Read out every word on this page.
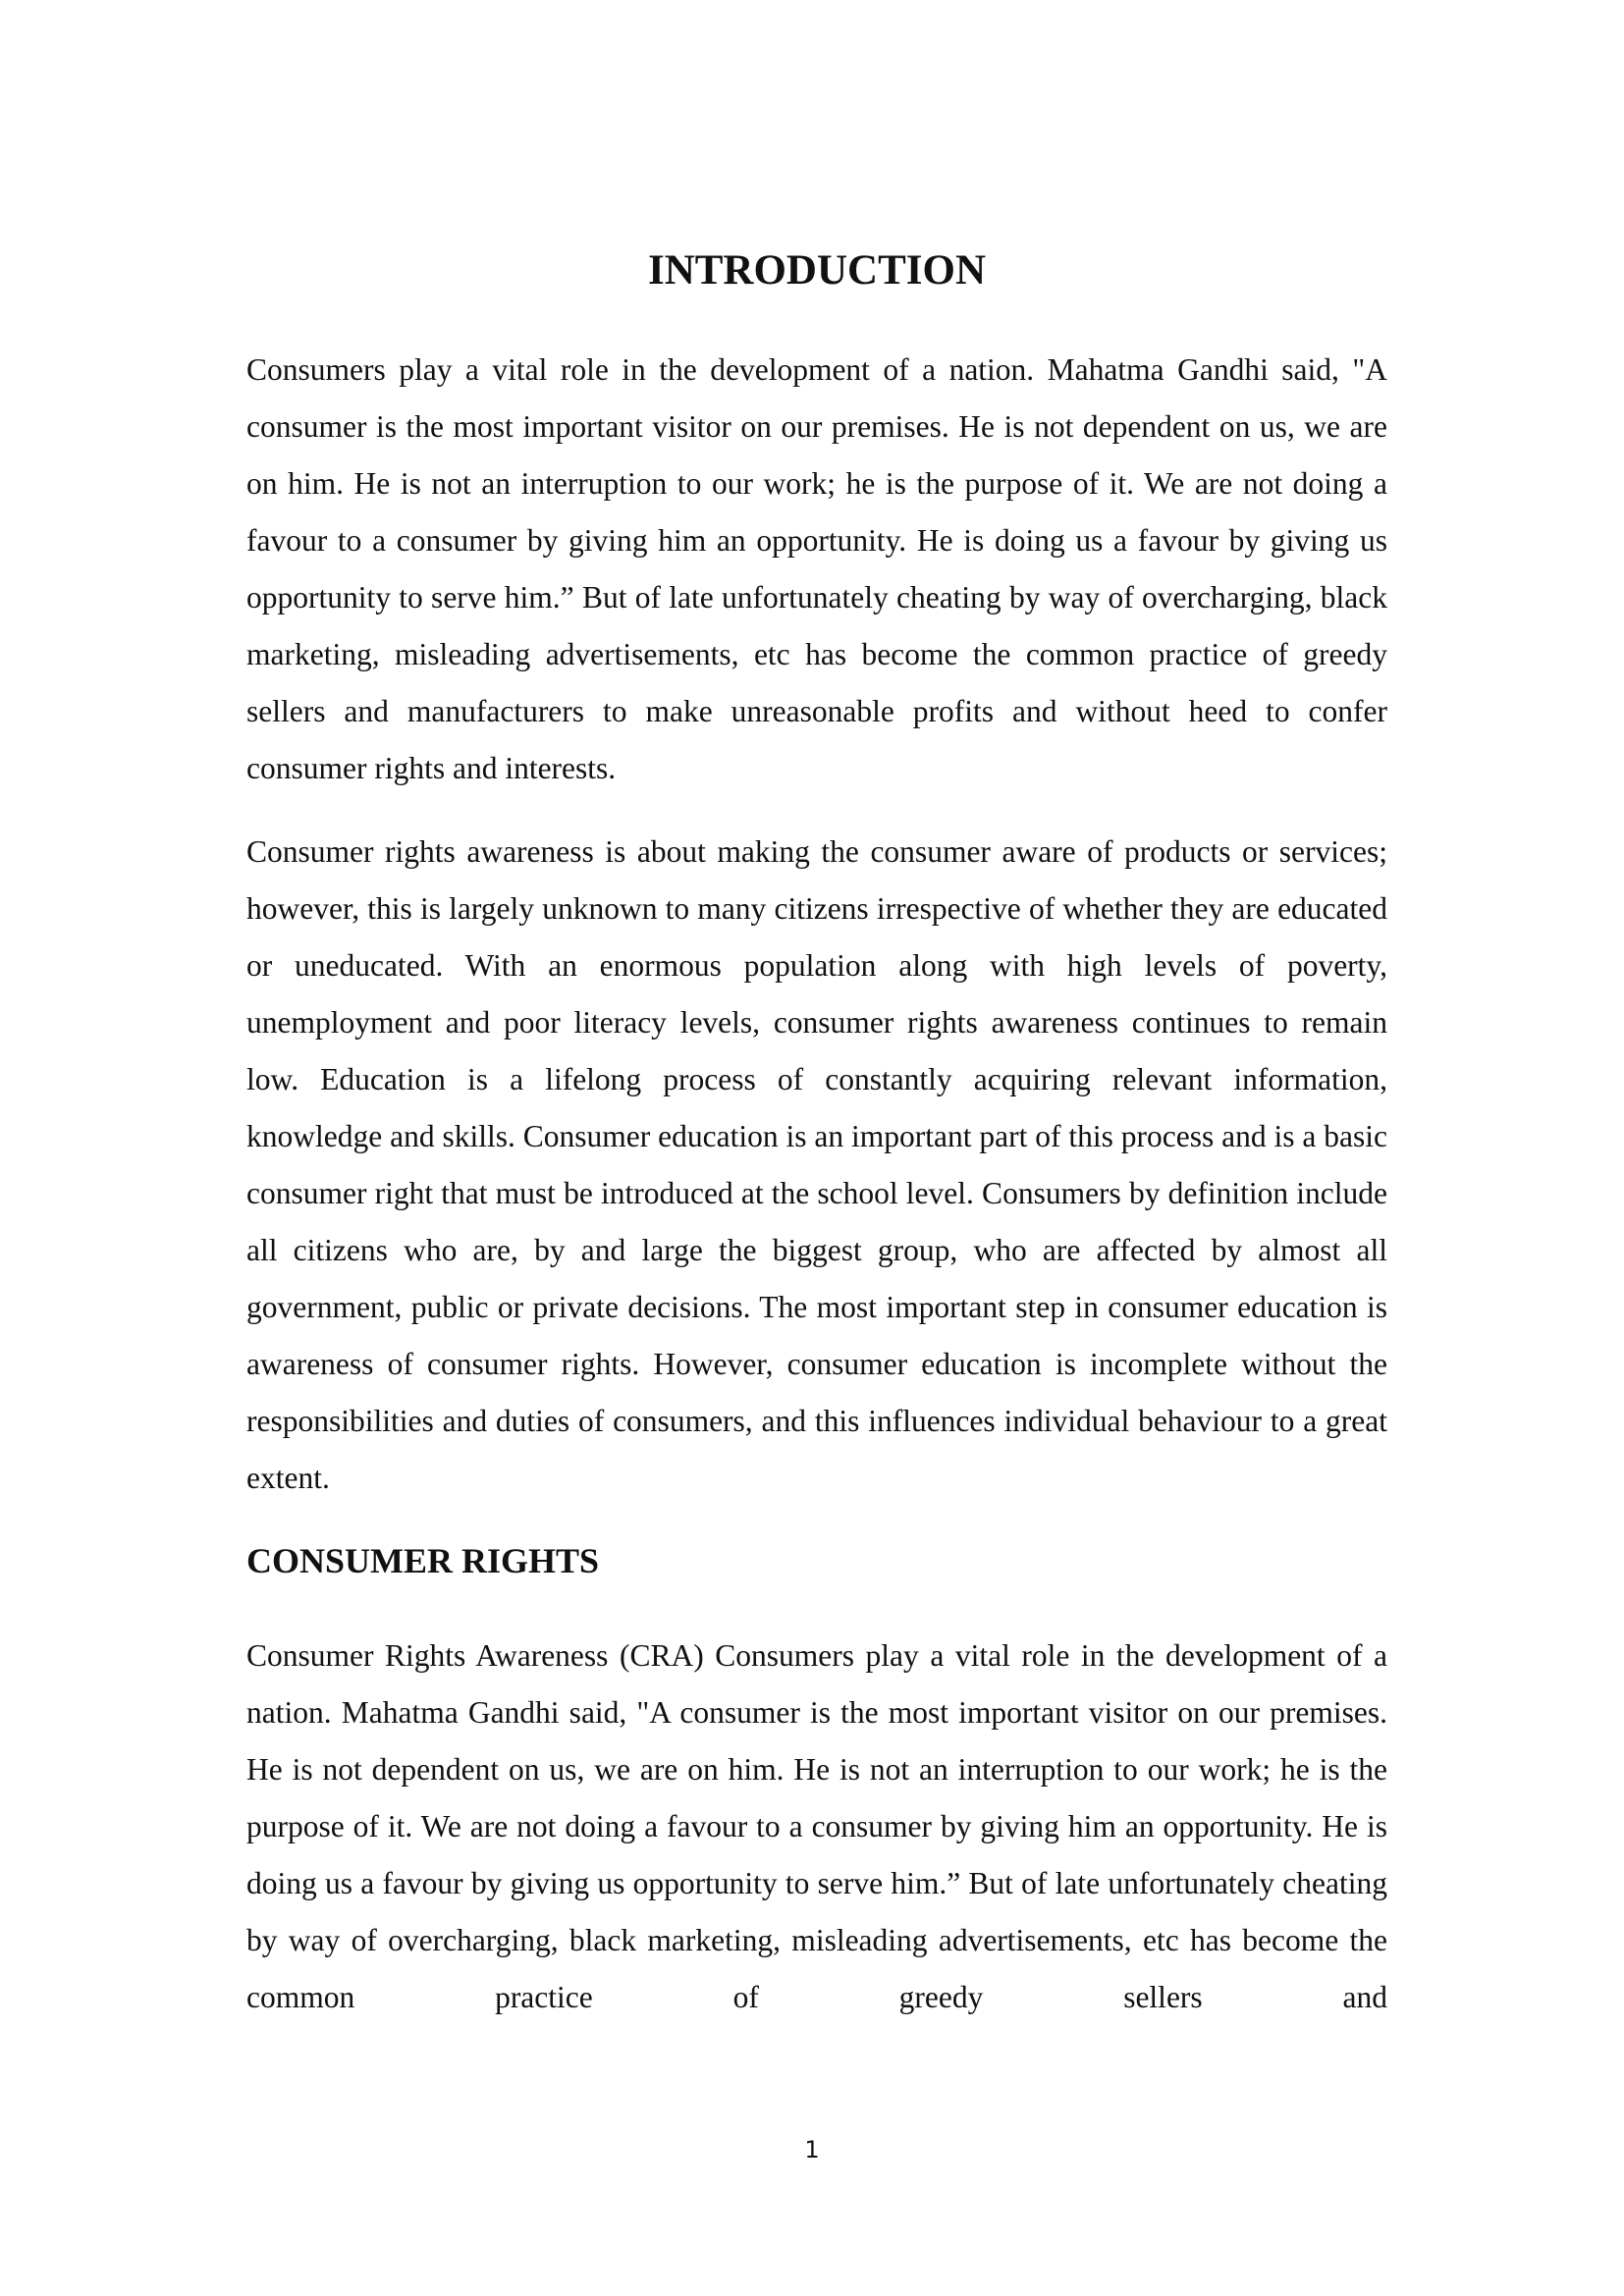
INTRODUCTION

Consumers play a vital role in the development of a nation. Mahatma Gandhi said, "A consumer is the most important visitor on our premises. He is not dependent on us, we are on him. He is not an interruption to our work; he is the purpose of it. We are not doing a favour to a consumer by giving him an opportunity. He is doing us a favour by giving us opportunity to serve him.” But of late unfortunately cheating by way of overcharging, black marketing, misleading advertisements, etc has become the common practice of greedy sellers and manufacturers to make unreasonable profits and without heed to confer consumer rights and interests.

Consumer rights awareness is about making the consumer aware of products or services; however, this is largely unknown to many citizens irrespective of whether they are educated or uneducated. With an enormous population along with high levels of poverty, unemployment and poor literacy levels, consumer rights awareness continues to remain low. Education is a lifelong process of constantly acquiring relevant information, knowledge and skills. Consumer education is an important part of this process and is a basic consumer right that must be introduced at the school level. Consumers by definition include all citizens who are, by and large the biggest group, who are affected by almost all government, public or private decisions. The most important step in consumer education is awareness of consumer rights. However, consumer education is incomplete without the responsibilities and duties of consumers, and this influences individual behaviour to a great extent.

CONSUMER RIGHTS

Consumer Rights Awareness (CRA) Consumers play a vital role in the development of a nation. Mahatma Gandhi said, "A consumer is the most important visitor on our premises. He is not dependent on us, we are on him. He is not an interruption to our work; he is the purpose of it. We are not doing a favour to a consumer by giving him an opportunity. He is doing us a favour by giving us opportunity to serve him.” But of late unfortunately cheating by way of overcharging, black marketing, misleading advertisements, etc has become the common practice of greedy sellers and

1
